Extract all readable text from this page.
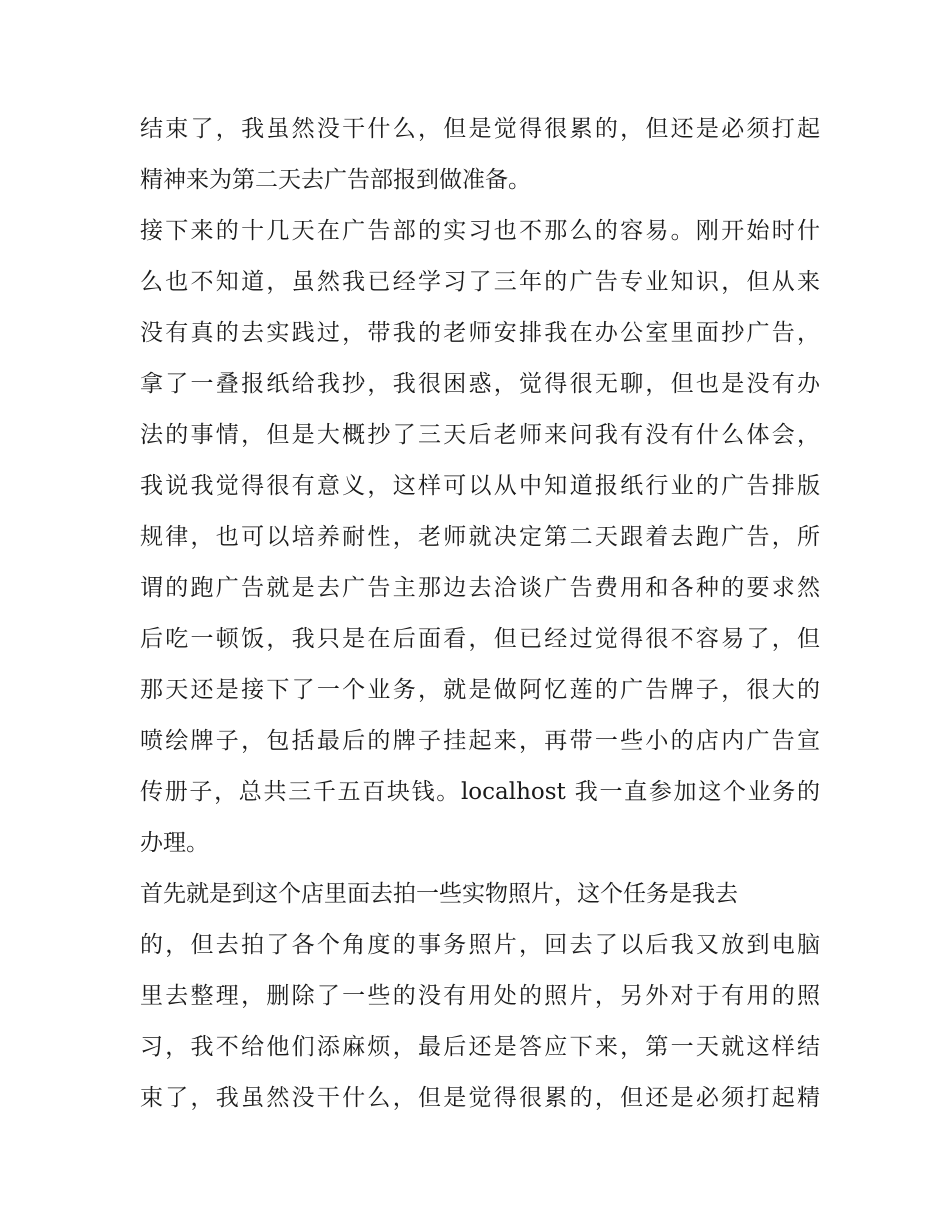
结束了，我虽然没干什么，但是觉得很累的，但还是必须打起
精神来为第二天去广告部报到做准备。
接下来的十几天在广告部的实习也不那么的容易。刚开始时什
么也不知道，虽然我已经学习了三年的广告专业知识，但从来
没有真的去实践过，带我的老师安排我在办公室里面抄广告，
拿了一叠报纸给我抄，我很困惑，觉得很无聊，但也是没有办
法的事情，但是大概抄了三天后老师来问我有没有什么体会，
我说我觉得很有意义，这样可以从中知道报纸行业的广告排版
规律，也可以培养耐性，老师就决定第二天跟着去跑广告，所
谓的跑广告就是去广告主那边去洽谈广告费用和各种的要求然
后吃一顿饭，我只是在后面看，但已经过觉得很不容易了，但
那天还是接下了一个业务，就是做阿忆莲的广告牌子，很大的
喷绘牌子，包括最后的牌子挂起来，再带一些小的店内广告宣
传册子，总共三千五百块钱。localhost 我一直参加这个业务的
办理。
首先就是到这个店里面去拍一些实物照片，这个任务是我去
的，但去拍了各个角度的事务照片，回去了以后我又放到电脑
里去整理，删除了一些的没有用处的照片，另外对于有用的照
习，我不给他们添麻烦，最后还是答应下来，第一天就这样结
束了，我虽然没干什么，但是觉得很累的，但还是必须打起精
